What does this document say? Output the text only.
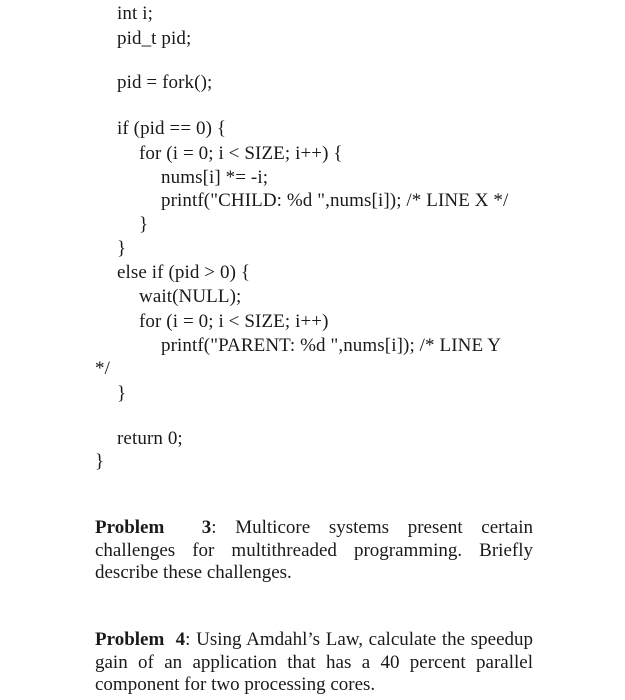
int i;
pid_t pid;
pid = fork();
if (pid == 0) {
for (i = 0; i < SIZE; i++) {
nums[i] *= -i;
printf("CHILD: %d ",nums[i]); /* LINE X */
}
}
else if (pid > 0) {
wait(NULL);
for (i = 0; i < SIZE; i++)
printf("PARENT: %d ",nums[i]); /* LINE Y
*/
}
return 0;
}
Problem 3: Multicore systems present certain challenges for multithreaded programming. Briefly describe these challenges.
Problem 4: Using Amdahl’s Law, calculate the speedup gain of an application that has a 40 percent parallel component for two processing cores.
